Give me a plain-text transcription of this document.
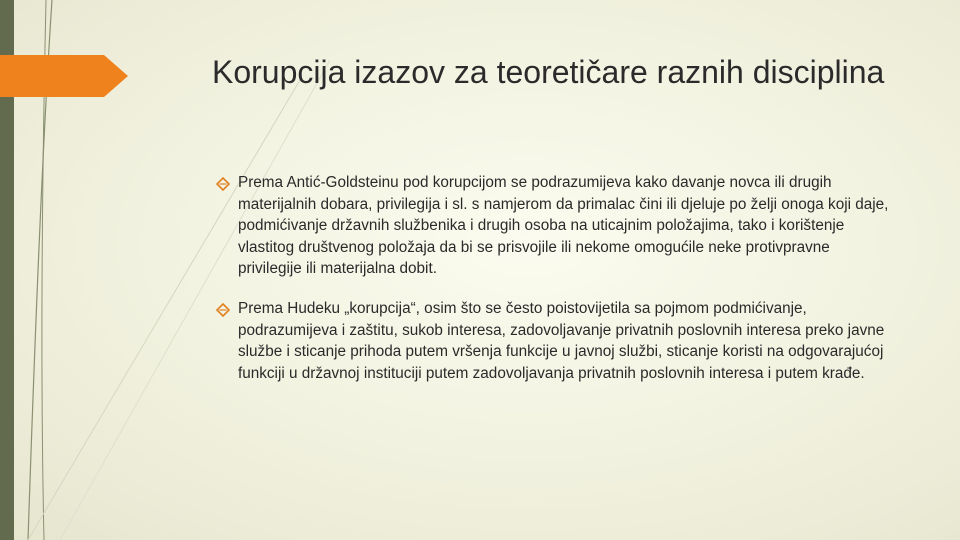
Korupcija izazov za teoretičare raznih disciplina
Prema Antić-Goldsteinu pod korupcijom se podrazumijeva kako davanje novca ili drugih materijalnih dobara, privilegija i sl. s namjerom da primalac čini ili djeluje po želji onoga koji daje, podmićivanje državnih službenika i drugih osoba na uticajnim položajima, tako i korištenje vlastitog društvenog položaja da bi se prisvojile ili nekome omogućile neke protivpravne privilegije ili materijalna dobit.
Prema Hudeku „korupcija“, osim što se često poistovijetila sa pojmom podmićivanje, podrazumijeva i zaštitu, sukob interesa, zadovoljavanje privatnih poslovnih interesa preko javne službe i sticanje prihoda putem vršenja funkcije u javnoj službi, sticanje koristi na odgovarajućoj funkciji u državnoj instituciji putem zadovoljavanja privatnih poslovnih interesa i putem krađe.
